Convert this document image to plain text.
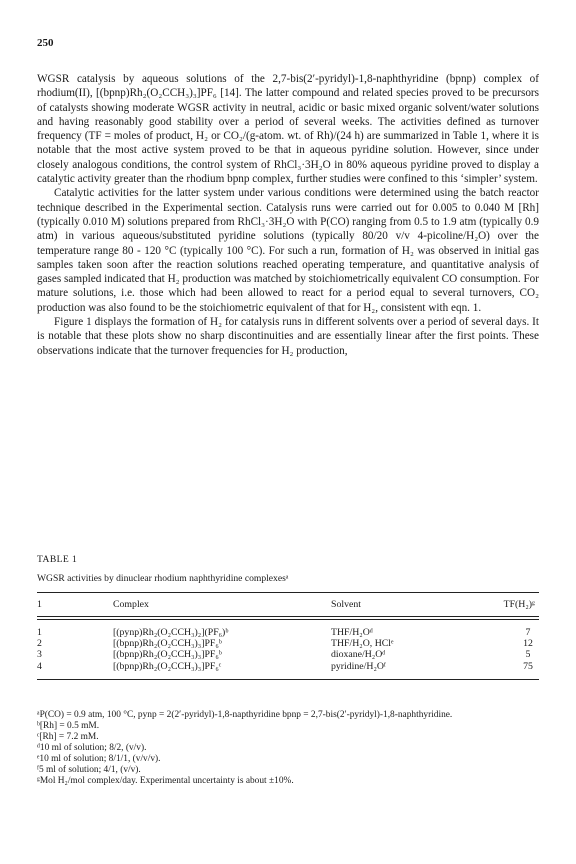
250

WGSR catalysis by aqueous solutions of the 2,7-bis(2′-pyridyl)-1,8-naphthyridine (bpnp) complex of rhodium(II), [(bpnp)Rh₂(O₂CCH₃)₃]PF₆ [14]. The latter compound and related species proved to be precursors of catalysts showing moderate WGSR activity in neutral, acidic or basic mixed organic solvent/water solutions and having reasonably good stability over a period of several weeks. The activities defined as turnover frequency (TF = moles of product, H₂ or CO₂/(g-atom. wt. of Rh)/(24 h) are summarized in Table 1, where it is notable that the most active system proved to be that in aqueous pyridine solution. However, since under closely analogous conditions, the control system of RhCl₃·3H₂O in 80% aqueous pyridine proved to display a catalytic activity greater than the rhodium bpnp complex, further studies were confined to this ‘simpler’ system.

Catalytic activities for the latter system under various conditions were determined using the batch reactor technique described in the Experimental section. Catalysis runs were carried out for 0.005 to 0.040 M [Rh] (typically 0.010 M) solutions prepared from RhCl₃·3H₂O with P(CO) ranging from 0.5 to 1.9 atm (typically 0.9 atm) in various aqueous/substituted pyridine solutions (typically 80/20 v/v 4-picoline/H₂O) over the temperature range 80 - 120 °C (typically 100 °C). For such a run, formation of H₂ was observed in initial gas samples taken soon after the reaction solutions reached operating temperature, and quantitative analysis of gases sampled indicated that H₂ production was matched by stoichiometrically equivalent CO consumption. For mature solutions, i.e. those which had been allowed to react for a period equal to several turnovers, CO₂ production was also found to be the stoichiometric equivalent of that for H₂, consistent with eqn. 1.

Figure 1 displays the formation of H₂ for catalysis runs in different solvents over a period of several days. It is notable that these plots show no sharp discontinuities and are essentially linear after the first points. These observations indicate that the turnover frequencies for H₂ production,

TABLE 1
WGSR activities by dinuclear rhodium naphthyridine complexesᵃ
1	Complex	Solvent	TF(H₂)ᵍ

1	[(pynp)Rh₂(O₂CCH₃)₂](PF₆)ᵇ	THF/H₂Oᵈ	7
2	[(bpnp)Rh₂(O₂CCH₃)₃]PF₆ᵇ	THF/H₂O, HClᵉ	12
3	[(bpnp)Rh₂(O₂CCH₃)₃]PF₆ᵇ	dioxane/H₂Oᵈ	5
4	[(bpnp)Rh₂(O₂CCH₃)₃]PF₆ᶜ	pyridine/H₂Oᶠ	75

ᵃP(CO) = 0.9 atm, 100 °C, pynp = 2(2′-pyridyl)-1,8-napthyridine bpnp = 2,7-bis(2′-pyridyl)-1,8-naphthyridine.
ᵇ[Rh] = 0.5 mM.
ᶜ[Rh] = 7.2 mM.
ᵈ10 ml of solution; 8/2, (v/v).
ᵉ10 ml of solution; 8/1/1, (v/v/v).
ᶠ5 ml of solution; 4/1, (v/v).
ᵍMol H₂/mol complex/day. Experimental uncertainty is about ±10%.
